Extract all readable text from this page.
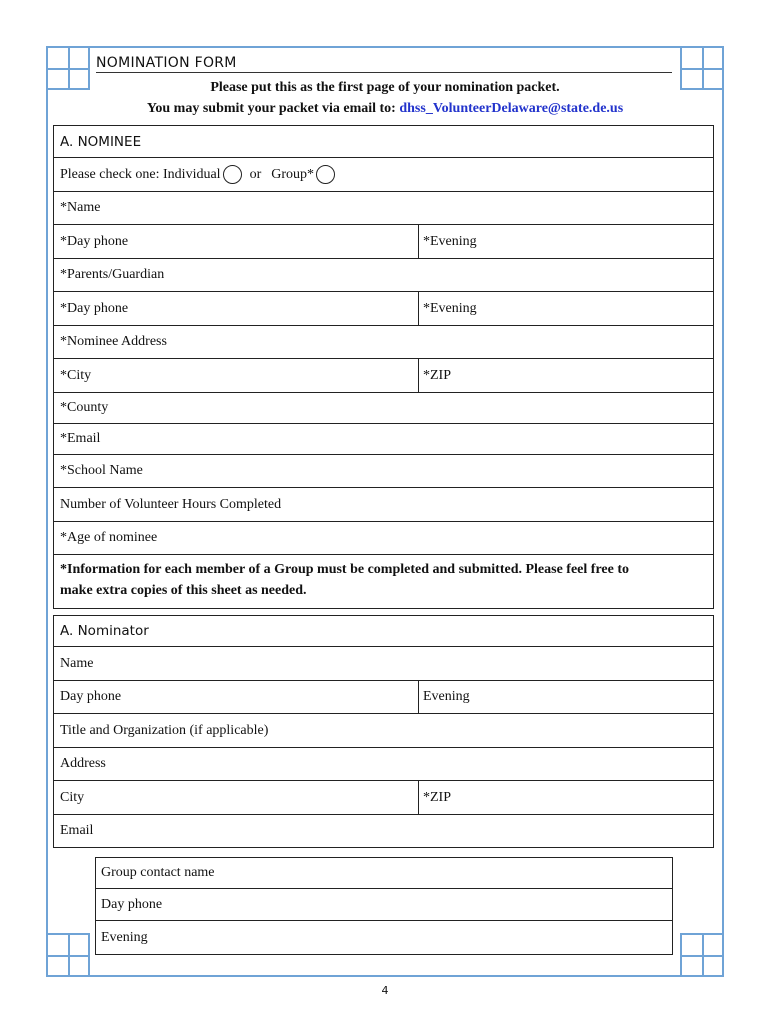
NOMINATION FORM
Please put this as the first page of your nomination packet.
You may submit your packet via email to: dhss_VolunteerDelaware@state.de.us
A. NOMINEE
Please check one: Individual or Group*
*Name
*Day phone	*Evening
*Parents/Guardian
*Day phone	*Evening
*Nominee Address
*City	*ZIP
*County
*Email
*School Name
Number of Volunteer Hours Completed
*Age of nominee
*Information for each member of a Group must be completed and submitted. Please feel free to
make extra copies of this sheet as needed.
A. Nominator
Name
Day phone	Evening
Title and Organization (if applicable)
Address
City	*ZIP
Email
Group contact name
Day phone
Evening
4
